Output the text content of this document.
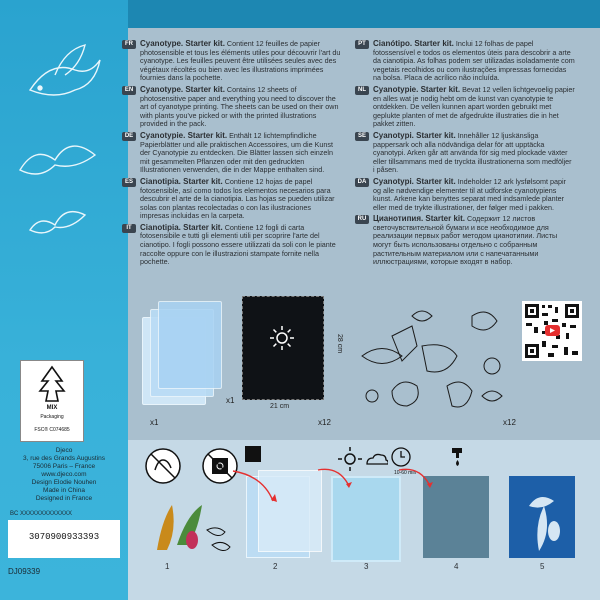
FR Cyanotype. Starter kit. Contient 12 feuilles de papier photosensible et tous les éléments utiles pour découvrir l'art du cyanotype. Les feuilles peuvent être utilisées seules avec des végétaux récoltés ou bien avec les illustrations imprimées fournies dans la pochette.
EN Cyanotype. Starter kit. Contains 12 sheets of photosensitive paper and everything you need to discover the art of cyanotype printing. The sheets can be used on their own with plants you've picked or with the printed illustrations provided in the pack.
DE Cyanotypie. Starter kit. Enthält 12 lichtempfindliche Papierblätter und alle praktischen Accessoires, um die Kunst der Cyanotypie zu entdecken. Die Blätter lassen sich einzeln mit gesammelten Pflanzen oder mit den gedruckten Illustrationen verwenden, die in der Mappe enthalten sind.
ES Cianotipia. Starter kit. Contiene 12 hojas de papel fotosensible, así como todos los elementos necesarios para descubrir el arte de la cianotipia. Las hojas se pueden utilizar solas con plantas recolectadas o con las ilustraciones impresas incluidas en la carpeta.
IT	Cianotipia. Starter kit. Contiene 12 fogli di carta fotosensibile e tutti gli elementi utili per scoprire l'arte del cianotipo. I fogli possono essere utilizzati da soli con le piante raccolte oppure con le illustrazioni stampate fornite nella pochette.
PT Cianótipo. Starter kit. Inclui 12 folhas de papel fotossensível e todos os elementos úteis para descobrir a arte da cianotipia. As folhas podem ser utilizadas isoladamente com vegetais recolhidos ou com ilustrações impressas fornecidas na bolsa. Placa de acrílico não incluída.
NL Cyanotypie. Starter kit. Bevat 12 vellen lichtgevoelig papier en alles wat je nodig hebt om de kunst van cyanotypie te ontdekken. De vellen kunnen apart worden gebruikt met geplukte planten of met de afgedrukte illustraties die in het pakket zitten.
SE Cyanotypi. Starter kit. Innehåller 12 ljuskänsliga pappersark och alla nödvändiga delar för att upptäcka cyanotypi. Arken går att använda för sig med plockade växter eller tillsammans med de tryckta illustrationerna som medföljer i påsen.
DA Cyanotypi. Starter kit. Indeholder 12 ark lysfølsomt papir og alle nødvendige elementer til at udforske cyanotypiens kunst. Arkene kan benyttes separat med indsamlede planter eller med de trykte illustrationer, der følger med i pakken.
RU Цианотипия. Starter kit. Содержит 12 листов светочувствительной бумаги и все необходимое для реализации первых работ методом цианотипии. Листы могут быть использованы отдельно с собранным растительным материалом или с напечатанными иллюстрациями, которые входят в набор.
x1
x1
21 cm
28 cm
x12	x12
MIX
Packaging
FSC® C074685
Djeco
3, rue des Grands Augustins
75006 Paris – France
www.djeco.com
Design Elodie Nouhen
Made in China
Designed in France
BC XXXXXXXXXXXXX
3070900933393
DJ09339
10-60 min
1	2	3	4	5
